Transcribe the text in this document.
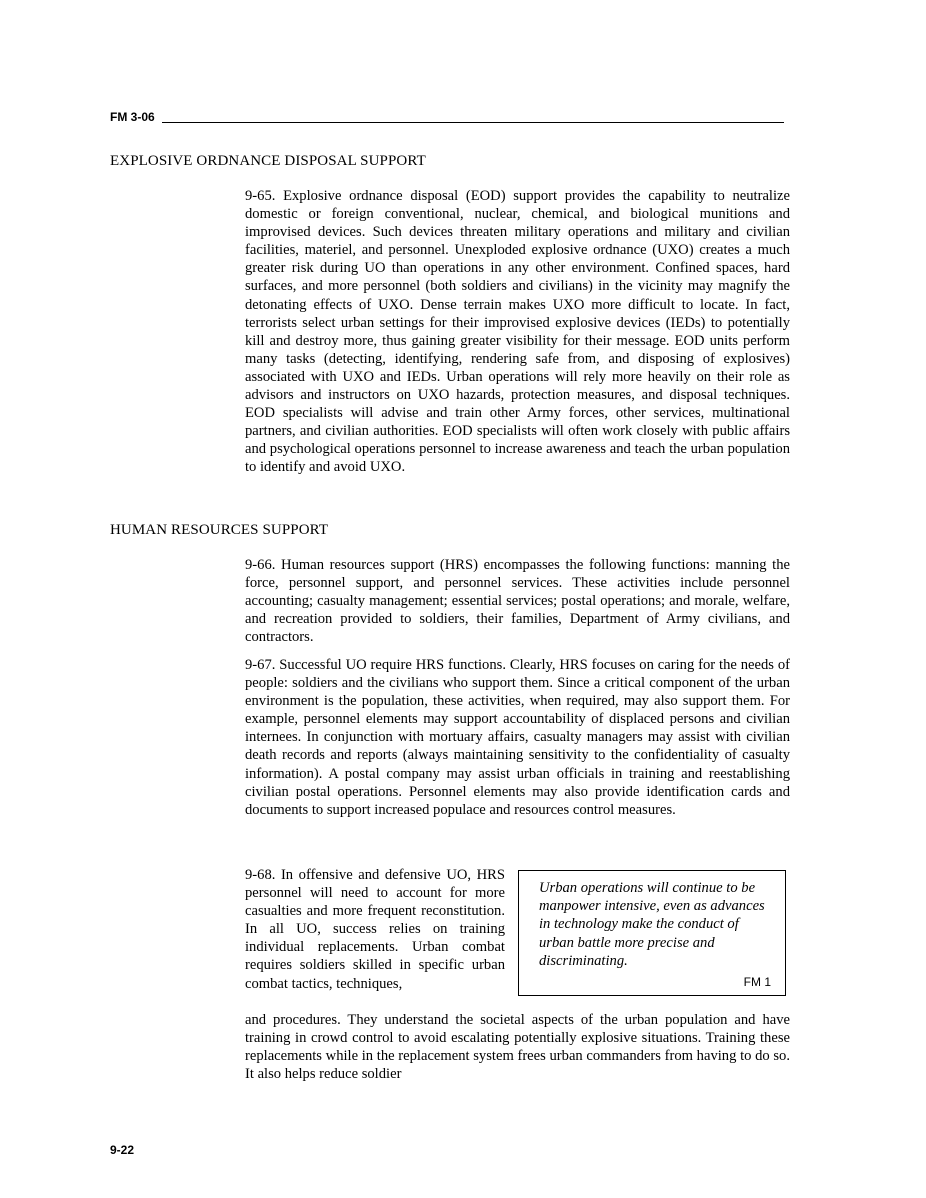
FM 3-06
EXPLOSIVE ORDNANCE DISPOSAL SUPPORT

9-65. Explosive ordnance disposal (EOD) support provides the capability to neutralize domestic or foreign conventional, nuclear, chemical, and biological munitions and improvised devices. Such devices threaten military operations and military and civilian facilities, materiel, and personnel. Unexploded explosive ordnance (UXO) creates a much greater risk during UO than operations in any other environment. Confined spaces, hard surfaces, and more personnel (both soldiers and civilians) in the vicinity may magnify the detonating effects of UXO. Dense terrain makes UXO more difficult to locate. In fact, terrorists select urban settings for their improvised explosive devices (IEDs) to potentially kill and destroy more, thus gaining greater visibility for their message. EOD units perform many tasks (detecting, identifying, rendering safe from, and disposing of explosives) associated with UXO and IEDs. Urban operations will rely more heavily on their role as advisors and instructors on UXO hazards, protection measures, and disposal techniques. EOD specialists will advise and train other Army forces, other services, multinational partners, and civilian authorities. EOD specialists will often work closely with public affairs and psychological operations personnel to increase awareness and teach the urban population to identify and avoid UXO.

HUMAN RESOURCES SUPPORT

9-66. Human resources support (HRS) encompasses the following functions: manning the force, personnel support, and personnel services. These activities include personnel accounting; casualty management; essential services; postal operations; and morale, welfare, and recreation provided to soldiers, their families, Department of Army civilians, and contractors.

9-67. Successful UO require HRS functions. Clearly, HRS focuses on caring for the needs of people: soldiers and the civilians who support them. Since a critical component of the urban environment is the population, these activities, when required, may also support them. For example, personnel elements may support accountability of displaced persons and civilian internees. In conjunction with mortuary affairs, casualty managers may assist with civilian death records and reports (always maintaining sensitivity to the confidentiality of casualty information). A postal company may assist urban officials in training and reestablishing civilian postal operations. Personnel elements may also provide identification cards and documents to support increased populace and resources control measures.

9-68. In offensive and defensive UO, HRS personnel will need to account for more casualties and more frequent reconstitution. In all UO, success relies on training individual replacements. Urban combat requires soldiers skilled in specific urban combat tactics, techniques,

Urban operations will continue to be manpower intensive, even as advances in technology make the conduct of urban battle more precise and discriminating.
FM 1

and procedures. They understand the societal aspects of the urban population and have training in crowd control to avoid escalating potentially explosive situations. Training these replacements while in the replacement system frees urban commanders from having to do so. It also helps reduce soldier

9-22
